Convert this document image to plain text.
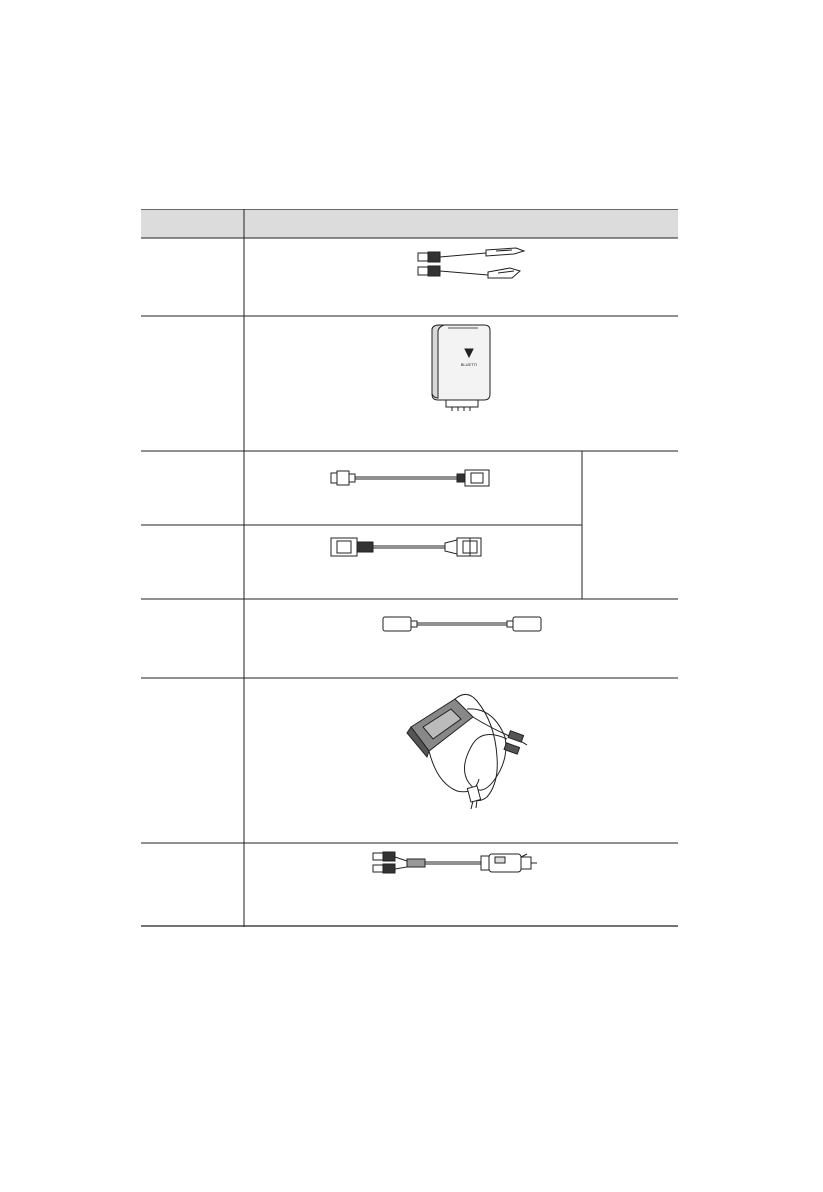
BLUETTI
